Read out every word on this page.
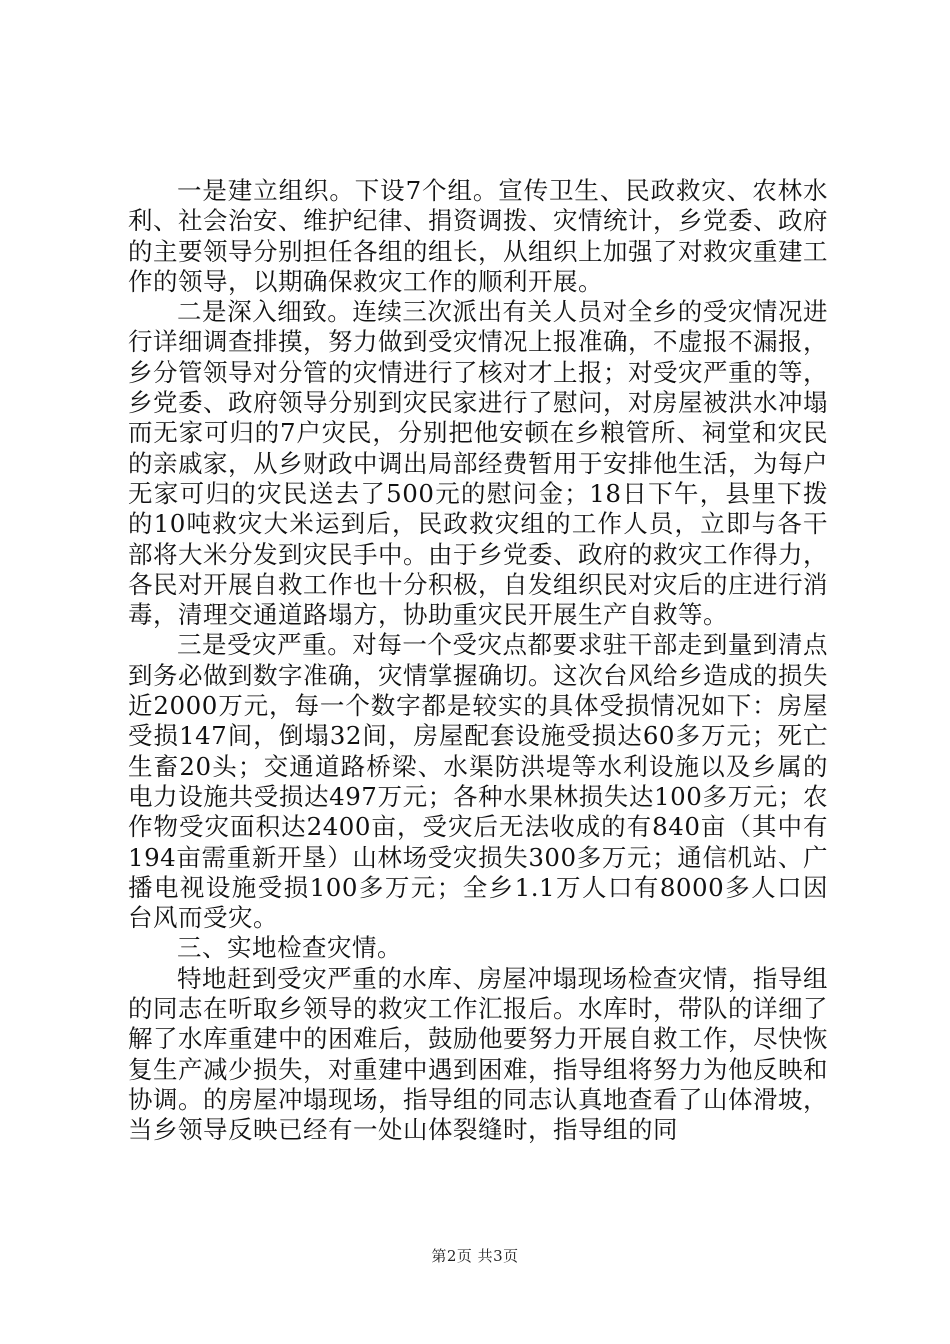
一是建立组织。下设7个组。宣传卫生、民政救灾、农林水利、社会治安、维护纪律、捐资调拨、灾情统计，乡党委、政府的主要领导分别担任各组的组长，从组织上加强了对救灾重建工作的领导，以期确保救灾工作的顺利开展。

二是深入细致。连续三次派出有关人员对全乡的受灾情况进行详细调查排摸，努力做到受灾情况上报准确，不虚报不漏报，乡分管领导对分管的灾情进行了核对才上报；对受灾严重的等，乡党委、政府领导分别到灾民家进行了慰问，对房屋被洪水冲塌而无家可归的7户灾民，分别把他安顿在乡粮管所、祠堂和灾民的亲戚家，从乡财政中调出局部经费暂用于安排他生活，为每户无家可归的灾民送去了500元的慰问金；18日下午，县里下拨的10吨救灾大米运到后，民政救灾组的工作人员，立即与各干部将大米分发到灾民手中。由于乡党委、政府的救灾工作得力，各民对开展自救工作也十分积极，自发组织民对灾后的庄进行消毒，清理交通道路塌方，协助重灾民开展生产自救等。

三是受灾严重。对每一个受灾点都要求驻干部走到量到清点到务必做到数字准确，灾情掌握确切。这次台风给乡造成的损失近2000万元，每一个数字都是较实的具体受损情况如下：房屋受损147间，倒塌32间，房屋配套设施受损达60多万元；死亡生畜20头；交通道路桥梁、水渠防洪堤等水利设施以及乡属的电力设施共受损达497万元；各种水果林损失达100多万元；农作物受灾面积达2400亩，受灾后无法收成的有840亩（其中有194亩需重新开垦）山林场受灾损失300多万元；通信机站、广播电视设施受损100多万元；全乡1.1万人口有8000多人口因台风而受灾。

三、实地检查灾情。

特地赶到受灾严重的水库、房屋冲塌现场检查灾情，指导组的同志在听取乡领导的救灾工作汇报后。水库时，带队的详细了解了水库重建中的困难后，鼓励他要努力开展自救工作，尽快恢复生产减少损失，对重建中遇到困难，指导组将努力为他反映和协调。的房屋冲塌现场，指导组的同志认真地查看了山体滑坡，当乡领导反映已经有一处山体裂缝时，指导组的同

第2页 共3页
